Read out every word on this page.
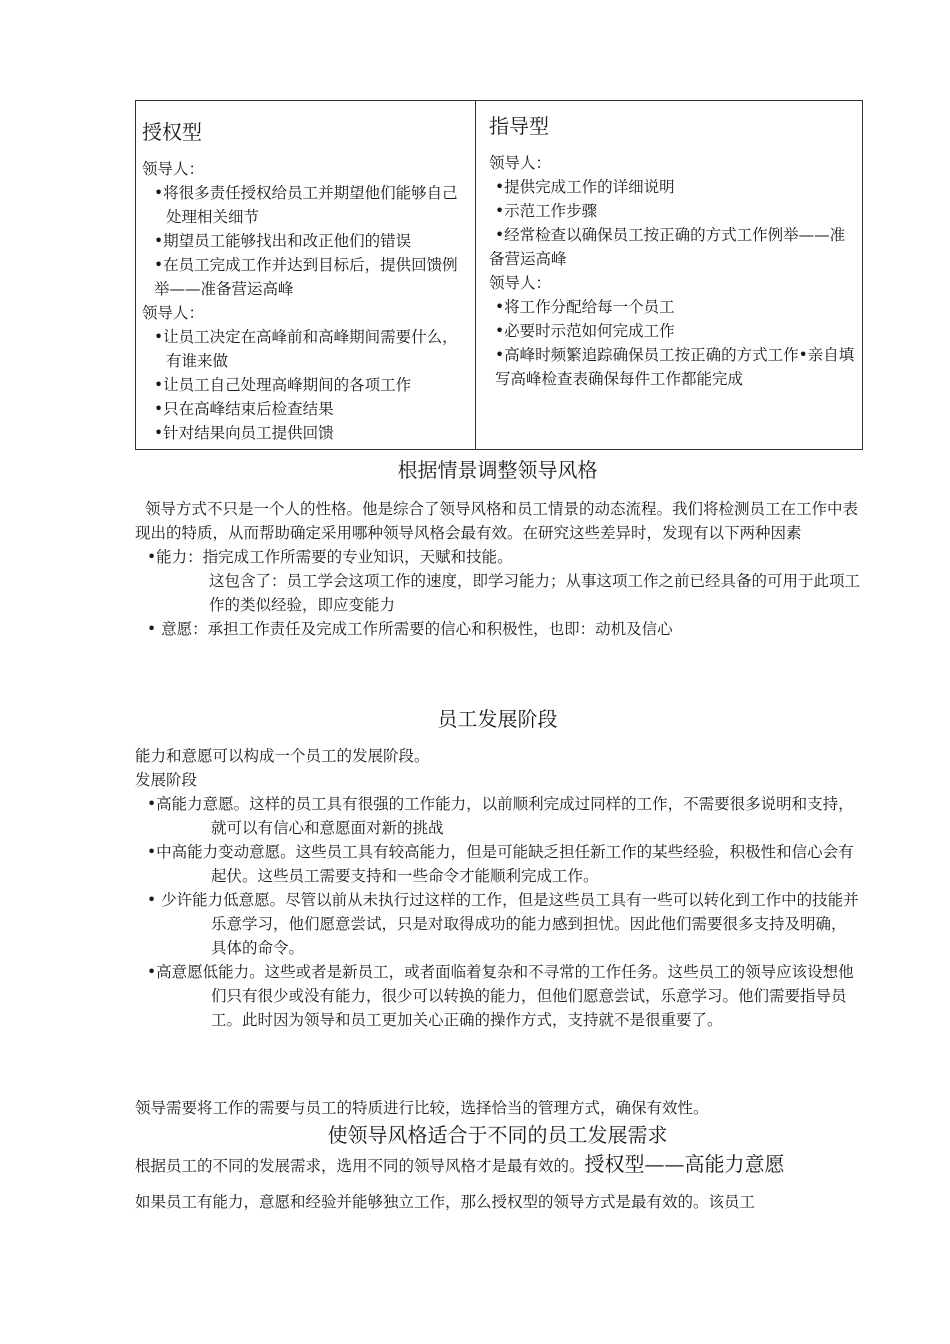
授权型

领导人：

•将很多责任授权给员工并期望他们能够自己处理相关细节

•期望员工能够找出和改正他们的错误

•在员工完成工作并达到目标后，提供回馈例举——准备营运高峰

领导人：

•让员工决定在高峰前和高峰期间需要什么，有谁来做

•让员工自己处理高峰期间的各项工作

•只在高峰结束后检查结果

•针对结果向员工提供回馈

指导型

领导人：

•提供完成工作的详细说明

•示范工作步骤

•经常检查以确保员工按正确的方式工作例举——准备营运高峰

领导人：

•将工作分配给每一个员工

•必要时示范如何完成工作

•高峰时频繁追踪确保员工按正确的方式工作•亲自填写高峰检查表确保每件工作都能完成

根据情景调整领导风格

领导方式不只是一个人的性格。他是综合了领导风格和员工情景的动态流程。我们将检测员工在工作中表现出的特质，从而帮助确定采用哪种领导风格会最有效。在研究这些差异时，发现有以下两种因素

•能力：指完成工作所需要的专业知识，天赋和技能。

这包含了：员工学会这项工作的速度，即学习能力；从事这项工作之前已经具备的可用于此项工作的类似经验，即应变能力

• 意愿：承担工作责任及完成工作所需要的信心和积极性，也即：动机及信心

员工发展阶段

能力和意愿可以构成一个员工的发展阶段。

发展阶段

•高能力意愿。这样的员工具有很强的工作能力，以前顺利完成过同样的工作，不需要很多说明和支持，就可以有信心和意愿面对新的挑战

•中高能力变动意愿。这些员工具有较高能力，但是可能缺乏担任新工作的某些经验，积极性和信心会有起伏。这些员工需要支持和一些命令才能顺利完成工作。

• 少许能力低意愿。尽管以前从未执行过这样的工作，但是这些员工具有一些可以转化到工作中的技能并乐意学习，他们愿意尝试，只是对取得成功的能力感到担忧。因此他们需要很多支持及明确，具体的命令。

•高意愿低能力。这些或者是新员工，或者面临着复杂和不寻常的工作任务。这些员工的领导应该设想他们只有很少或没有能力，很少可以转换的能力，但他们愿意尝试，乐意学习。他们需要指导员工。此时因为领导和员工更加关心正确的操作方式，支持就不是很重要了。

领导需要将工作的需要与员工的特质进行比较，选择恰当的管理方式，确保有效性。

使领导风格适合于不同的员工发展需求

根据员工的不同的发展需求，选用不同的领导风格才是最有效的。授权型——高能力意愿

如果员工有能力，意愿和经验并能够独立工作，那么授权型的领导方式是最有效的。该员工
